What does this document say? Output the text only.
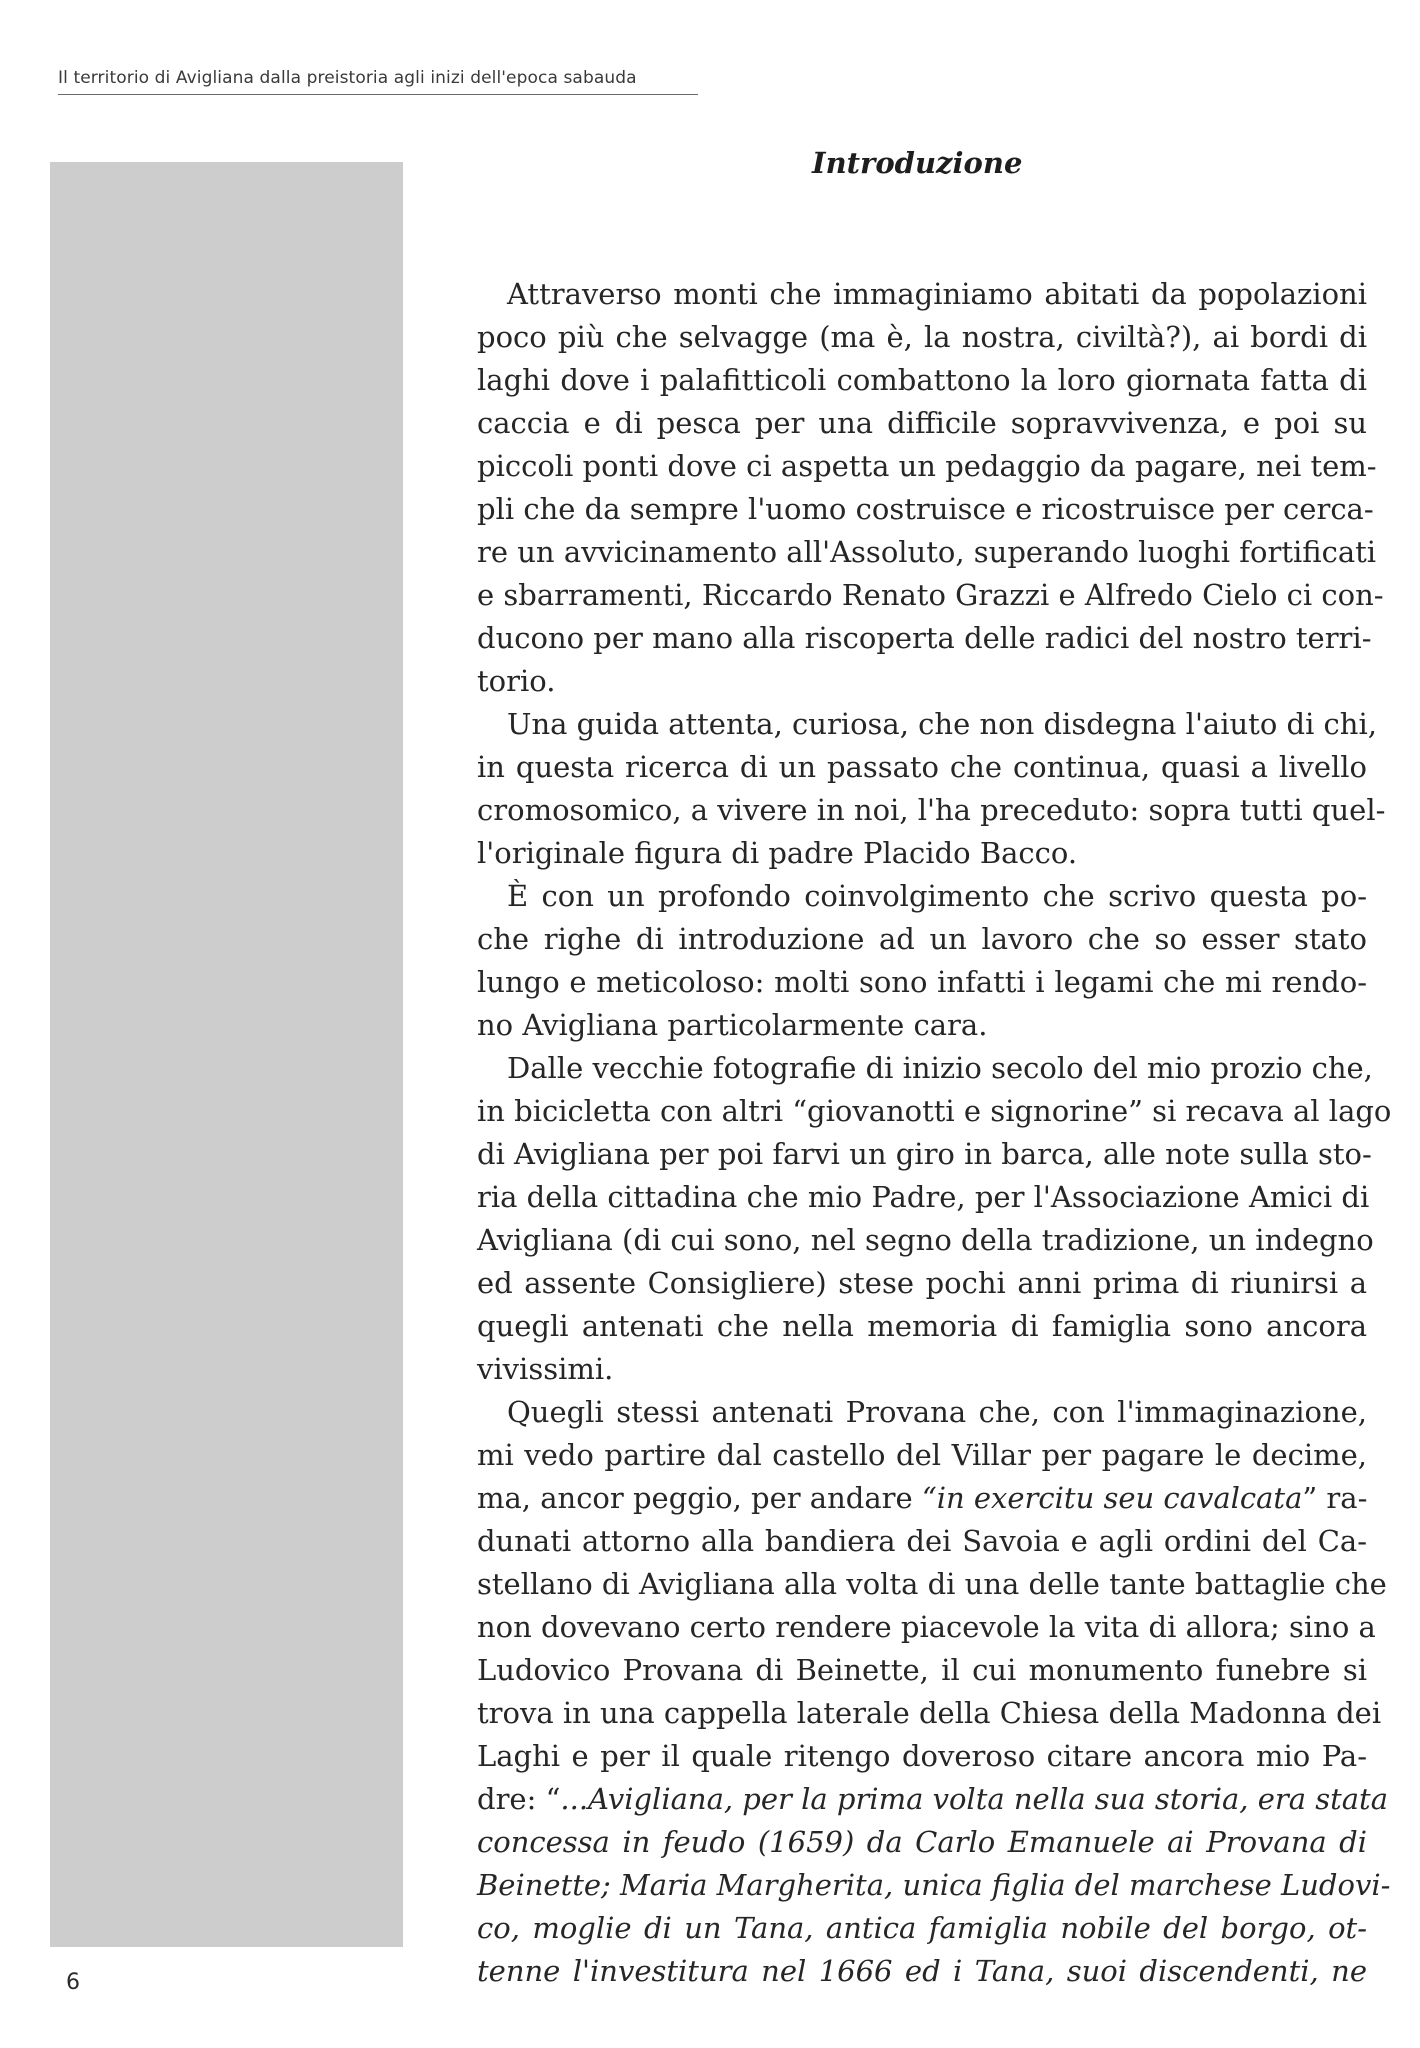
Il territorio di Avigliana dalla preistoria agli inizi dell'epoca sabauda
Introduzione

Attraverso monti che immaginiamo abitati da popolazioni
poco più che selvagge (ma è, la nostra, civiltà?), ai bordi di
laghi dove i palafitticoli combattono la loro giornata fatta di
caccia e di pesca per una difficile sopravvivenza, e poi su
piccoli ponti dove ci aspetta un pedaggio da pagare, nei tem-
pli che da sempre l'uomo costruisce e ricostruisce per cerca-
re un avvicinamento all'Assoluto, superando luoghi fortificati
e sbarramenti, Riccardo Renato Grazzi e Alfredo Cielo ci con-
ducono per mano alla riscoperta delle radici del nostro terri-
torio.

Una guida attenta, curiosa, che non disdegna l'aiuto di chi,
in questa ricerca di un passato che continua, quasi a livello
cromosomico, a vivere in noi, l'ha preceduto: sopra tutti quel-
l'originale figura di padre Placido Bacco.

È con un profondo coinvolgimento che scrivo questa po-
che righe di introduzione ad un lavoro che so esser stato
lungo e meticoloso: molti sono infatti i legami che mi rendo-
no Avigliana particolarmente cara.

Dalle vecchie fotografie di inizio secolo del mio prozio che,
in bicicletta con altri “giovanotti e signorine” si recava al lago
di Avigliana per poi farvi un giro in barca, alle note sulla sto-
ria della cittadina che mio Padre, per l'Associazione Amici di
Avigliana (di cui sono, nel segno della tradizione, un indegno
ed assente Consigliere) stese pochi anni prima di riunirsi a
quegli antenati che nella memoria di famiglia sono ancora
vivissimi.

Quegli stessi antenati Provana che, con l'immaginazione,
mi vedo partire dal castello del Villar per pagare le decime,
ma, ancor peggio, per andare “in exercitu seu cavalcata” ra-
dunati attorno alla bandiera dei Savoia e agli ordini del Ca-
stellano di Avigliana alla volta di una delle tante battaglie che
non dovevano certo rendere piacevole la vita di allora; sino a
Ludovico Provana di Beinette, il cui monumento funebre si
trova in una cappella laterale della Chiesa della Madonna dei
Laghi e per il quale ritengo doveroso citare ancora mio Pa-
dre: “...Avigliana, per la prima volta nella sua storia, era stata
concessa in feudo (1659) da Carlo Emanuele ai Provana di
Beinette; Maria Margherita, unica figlia del marchese Ludovi-
co, moglie di un Tana, antica famiglia nobile del borgo, ot-
tenne l'investitura nel 1666 ed i Tana, suoi discendenti, ne

6
